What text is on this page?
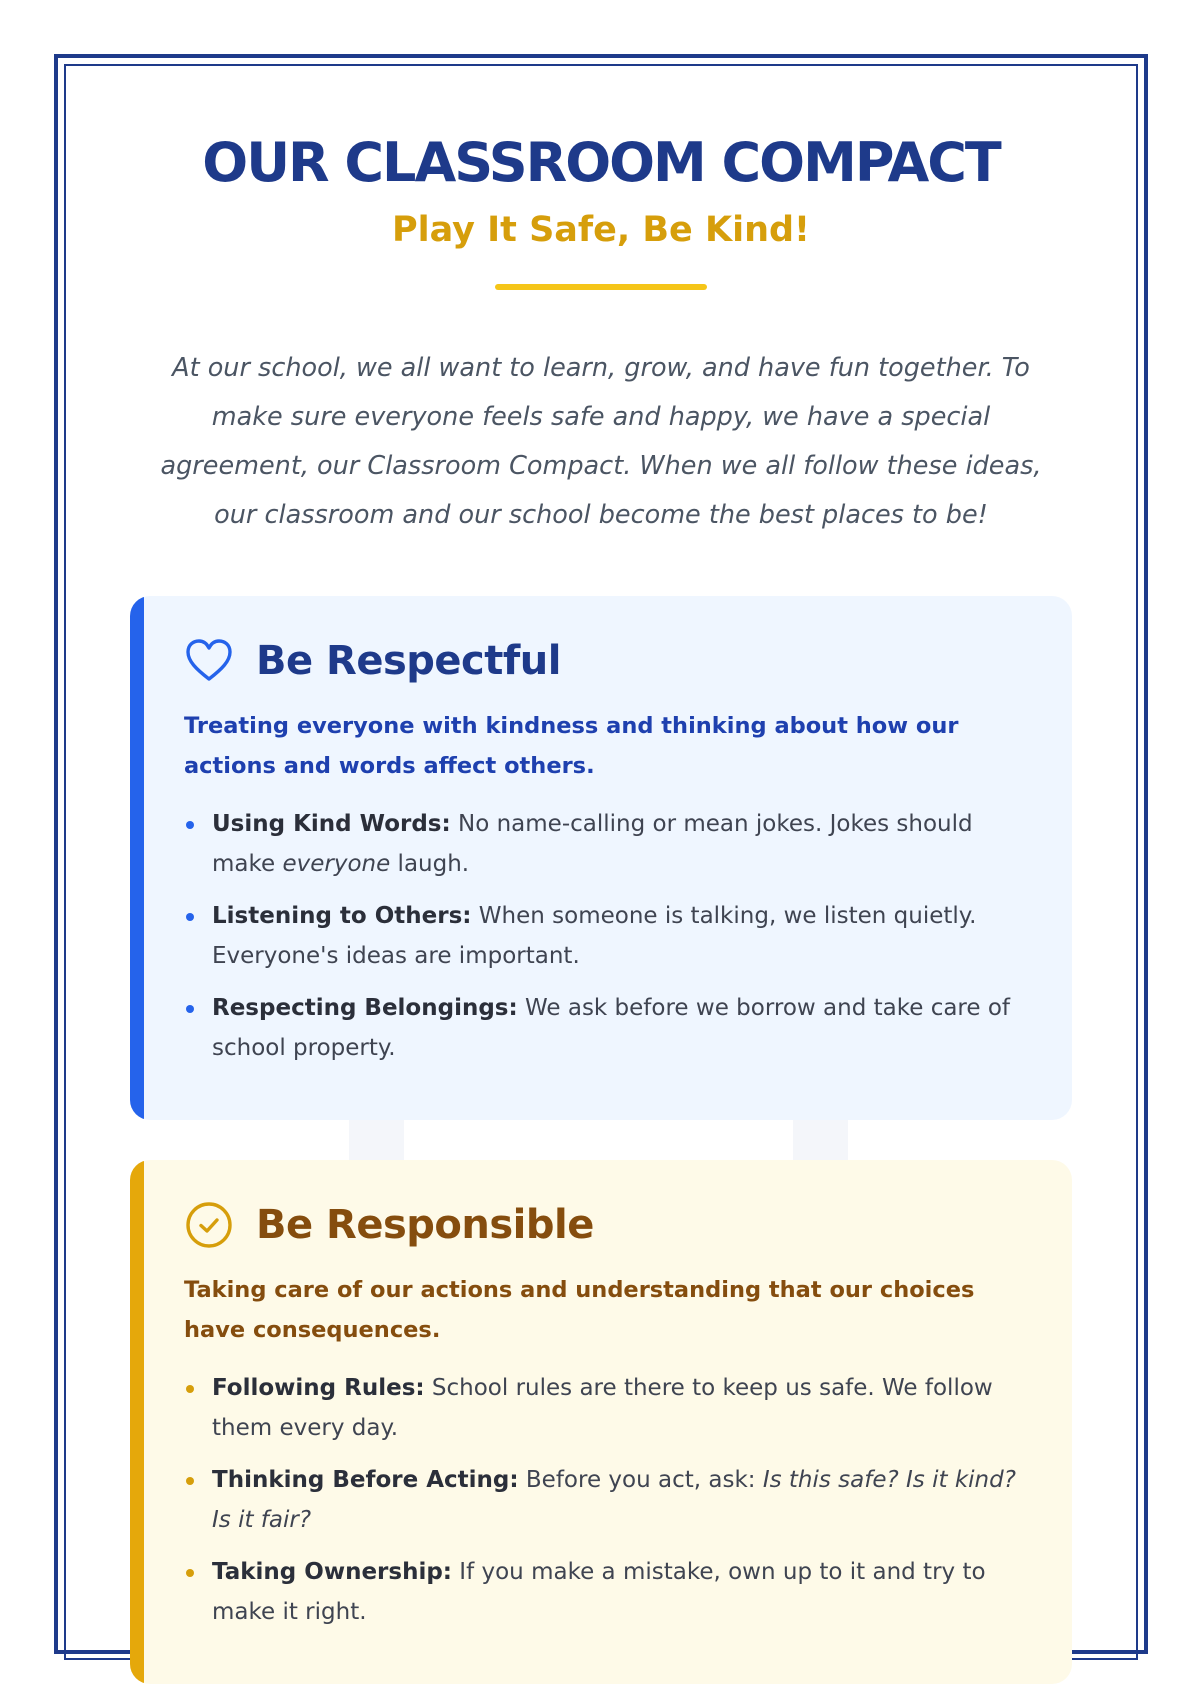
OUR CLASSROOM COMPACT
Play It Safe, Be Kind!

At our school, we all want to learn, grow, and have fun together. To make sure everyone feels safe and happy, we have a special agreement, our Classroom Compact. When we all follow these ideas, our classroom and our school become the best places to be!

Be Respectful

Treating everyone with kindness and thinking about how our actions and words affect others.

Using Kind Words: No name-calling or mean jokes. Jokes should make everyone laugh.
Listening to Others: When someone is talking, we listen quietly. Everyone's ideas are important.
Respecting Belongings: We ask before we borrow and take care of school property.
Be Responsible

Taking care of our actions and understanding that our choices have consequences.

Following Rules: School rules are there to keep us safe. We follow them every day.
Thinking Before Acting: Before you act, ask: Is this safe? Is it kind? Is it fair?
Taking Ownership: If you make a mistake, own up to it and try to make it right.
